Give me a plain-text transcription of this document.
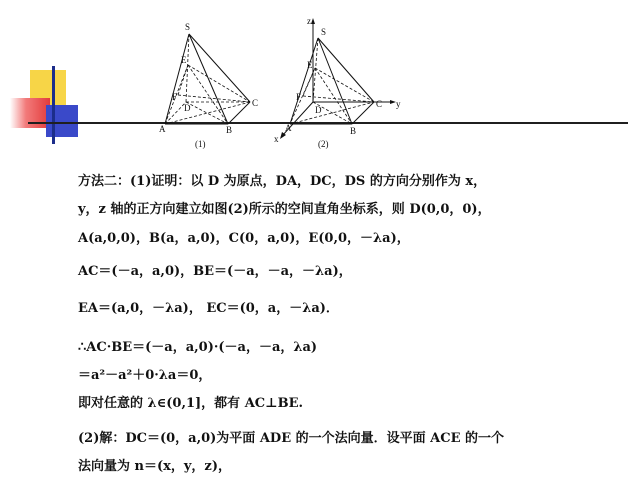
S
E
F
D
A	B
C
(1)
z
S
E
F
D
A	B
C y
x	(2)
方法二：(1)证明：以 D 为原点，DA，DC，DS 的方向分别作为 x，
y，z 轴的正方向建立如图(2)所示的空间直角坐标系，则 D(0,0，0)，
A(a,0,0)，B(a，a,0)，C(0，a,0)，E(0,0，－λa)，
AC＝(－a，a,0)，BE＝(－a，－a，－λa)，
EA＝(a,0，－λa)， EC＝(0，a，－λa)．
∴AC·BE＝(－a，a,0)·(－a，－a，λa)
＝a²－a²＋0·λa＝0，
即对任意的 λ∈(0,1]，都有 AC⊥BE.
(2)解：DC＝(0，a,0)为平面 ADE 的一个法向量．设平面 ACE 的一个
法向量为 n＝(x，y，z)，
